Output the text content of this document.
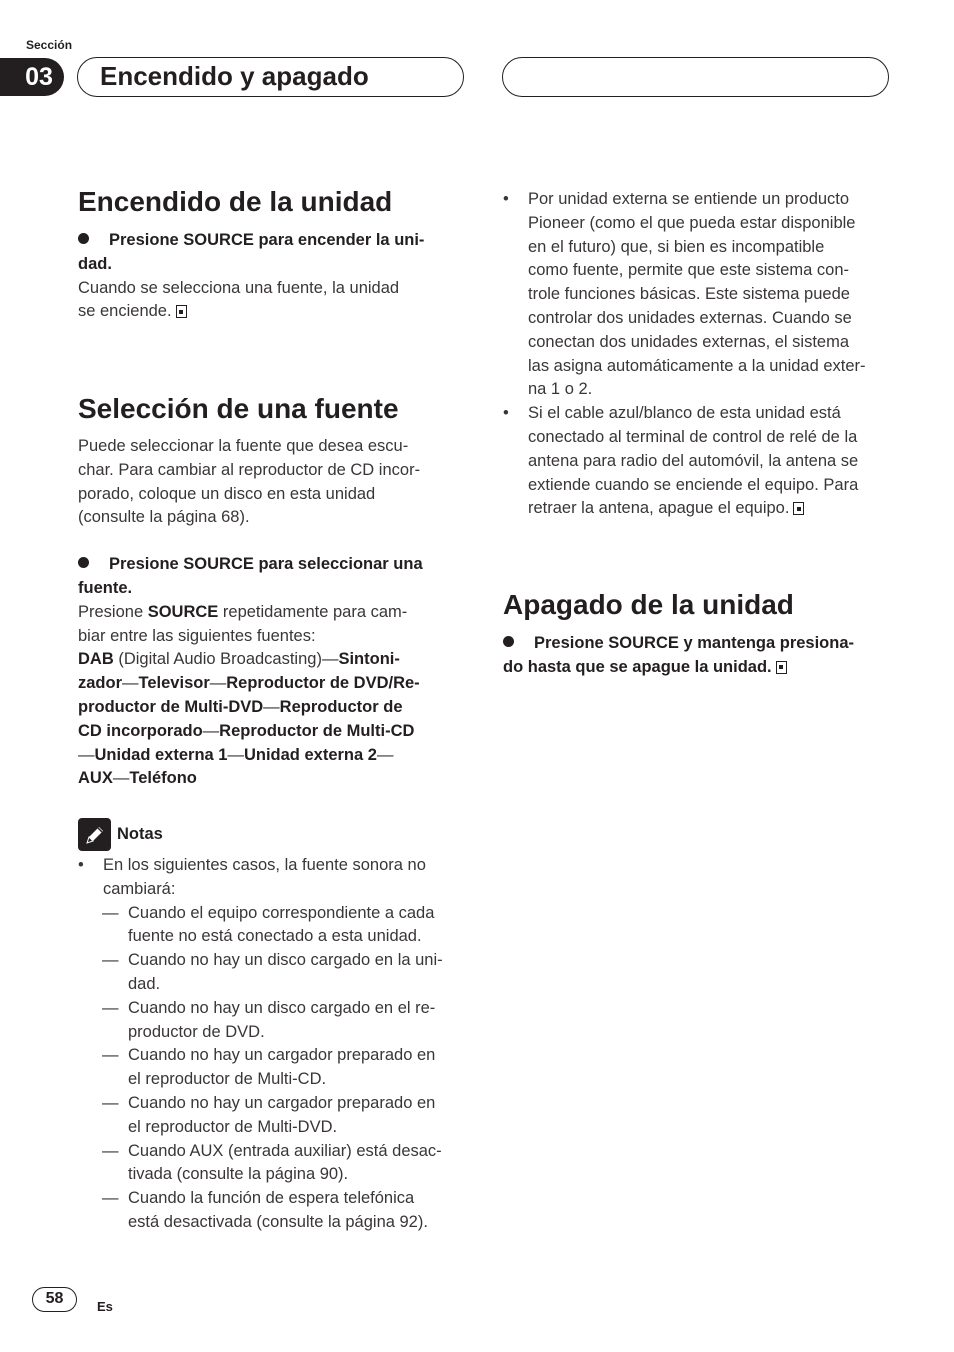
Sección
03	Encendido y apagado
Encendido de la unidad
Presione SOURCE para encender la uni-
dad.
Cuando se selecciona una fuente, la unidad
se enciende.
Selección de una fuente
Puede seleccionar la fuente que desea escu-
char. Para cambiar al reproductor de CD incor-
porado, coloque un disco en esta unidad
(consulte la página 68).
Presione SOURCE para seleccionar una
fuente.
Presione SOURCE repetidamente para cam-
biar entre las siguientes fuentes:
DAB (Digital Audio Broadcasting)—Sintoni-
zador—Televisor—Reproductor de DVD/Re-
productor de Multi-DVD—Reproductor de
CD incorporado—Reproductor de Multi-CD
—Unidad externa 1—Unidad externa 2—
AUX—Teléfono
Notas
• En los siguientes casos, la fuente sonora no
cambiará:
— Cuando el equipo correspondiente a cada
fuente no está conectado a esta unidad.
— Cuando no hay un disco cargado en la uni-
dad.
— Cuando no hay un disco cargado en el re-
productor de DVD.
— Cuando no hay un cargador preparado en
el reproductor de Multi-CD.
— Cuando no hay un cargador preparado en
el reproductor de Multi-DVD.
— Cuando AUX (entrada auxiliar) está desac-
tivada (consulte la página 90).
— Cuando la función de espera telefónica
está desactivada (consulte la página 92).
• Por unidad externa se entiende un producto
Pioneer (como el que pueda estar disponible
en el futuro) que, si bien es incompatible
como fuente, permite que este sistema con-
trole funciones básicas. Este sistema puede
controlar dos unidades externas. Cuando se
conectan dos unidades externas, el sistema
las asigna automáticamente a la unidad exter-
na 1 o 2.
• Si el cable azul/blanco de esta unidad está
conectado al terminal de control de relé de la
antena para radio del automóvil, la antena se
extiende cuando se enciende el equipo. Para
retraer la antena, apague el equipo.
Apagado de la unidad
Presione SOURCE y mantenga presiona-
do hasta que se apague la unidad.
58	Es
